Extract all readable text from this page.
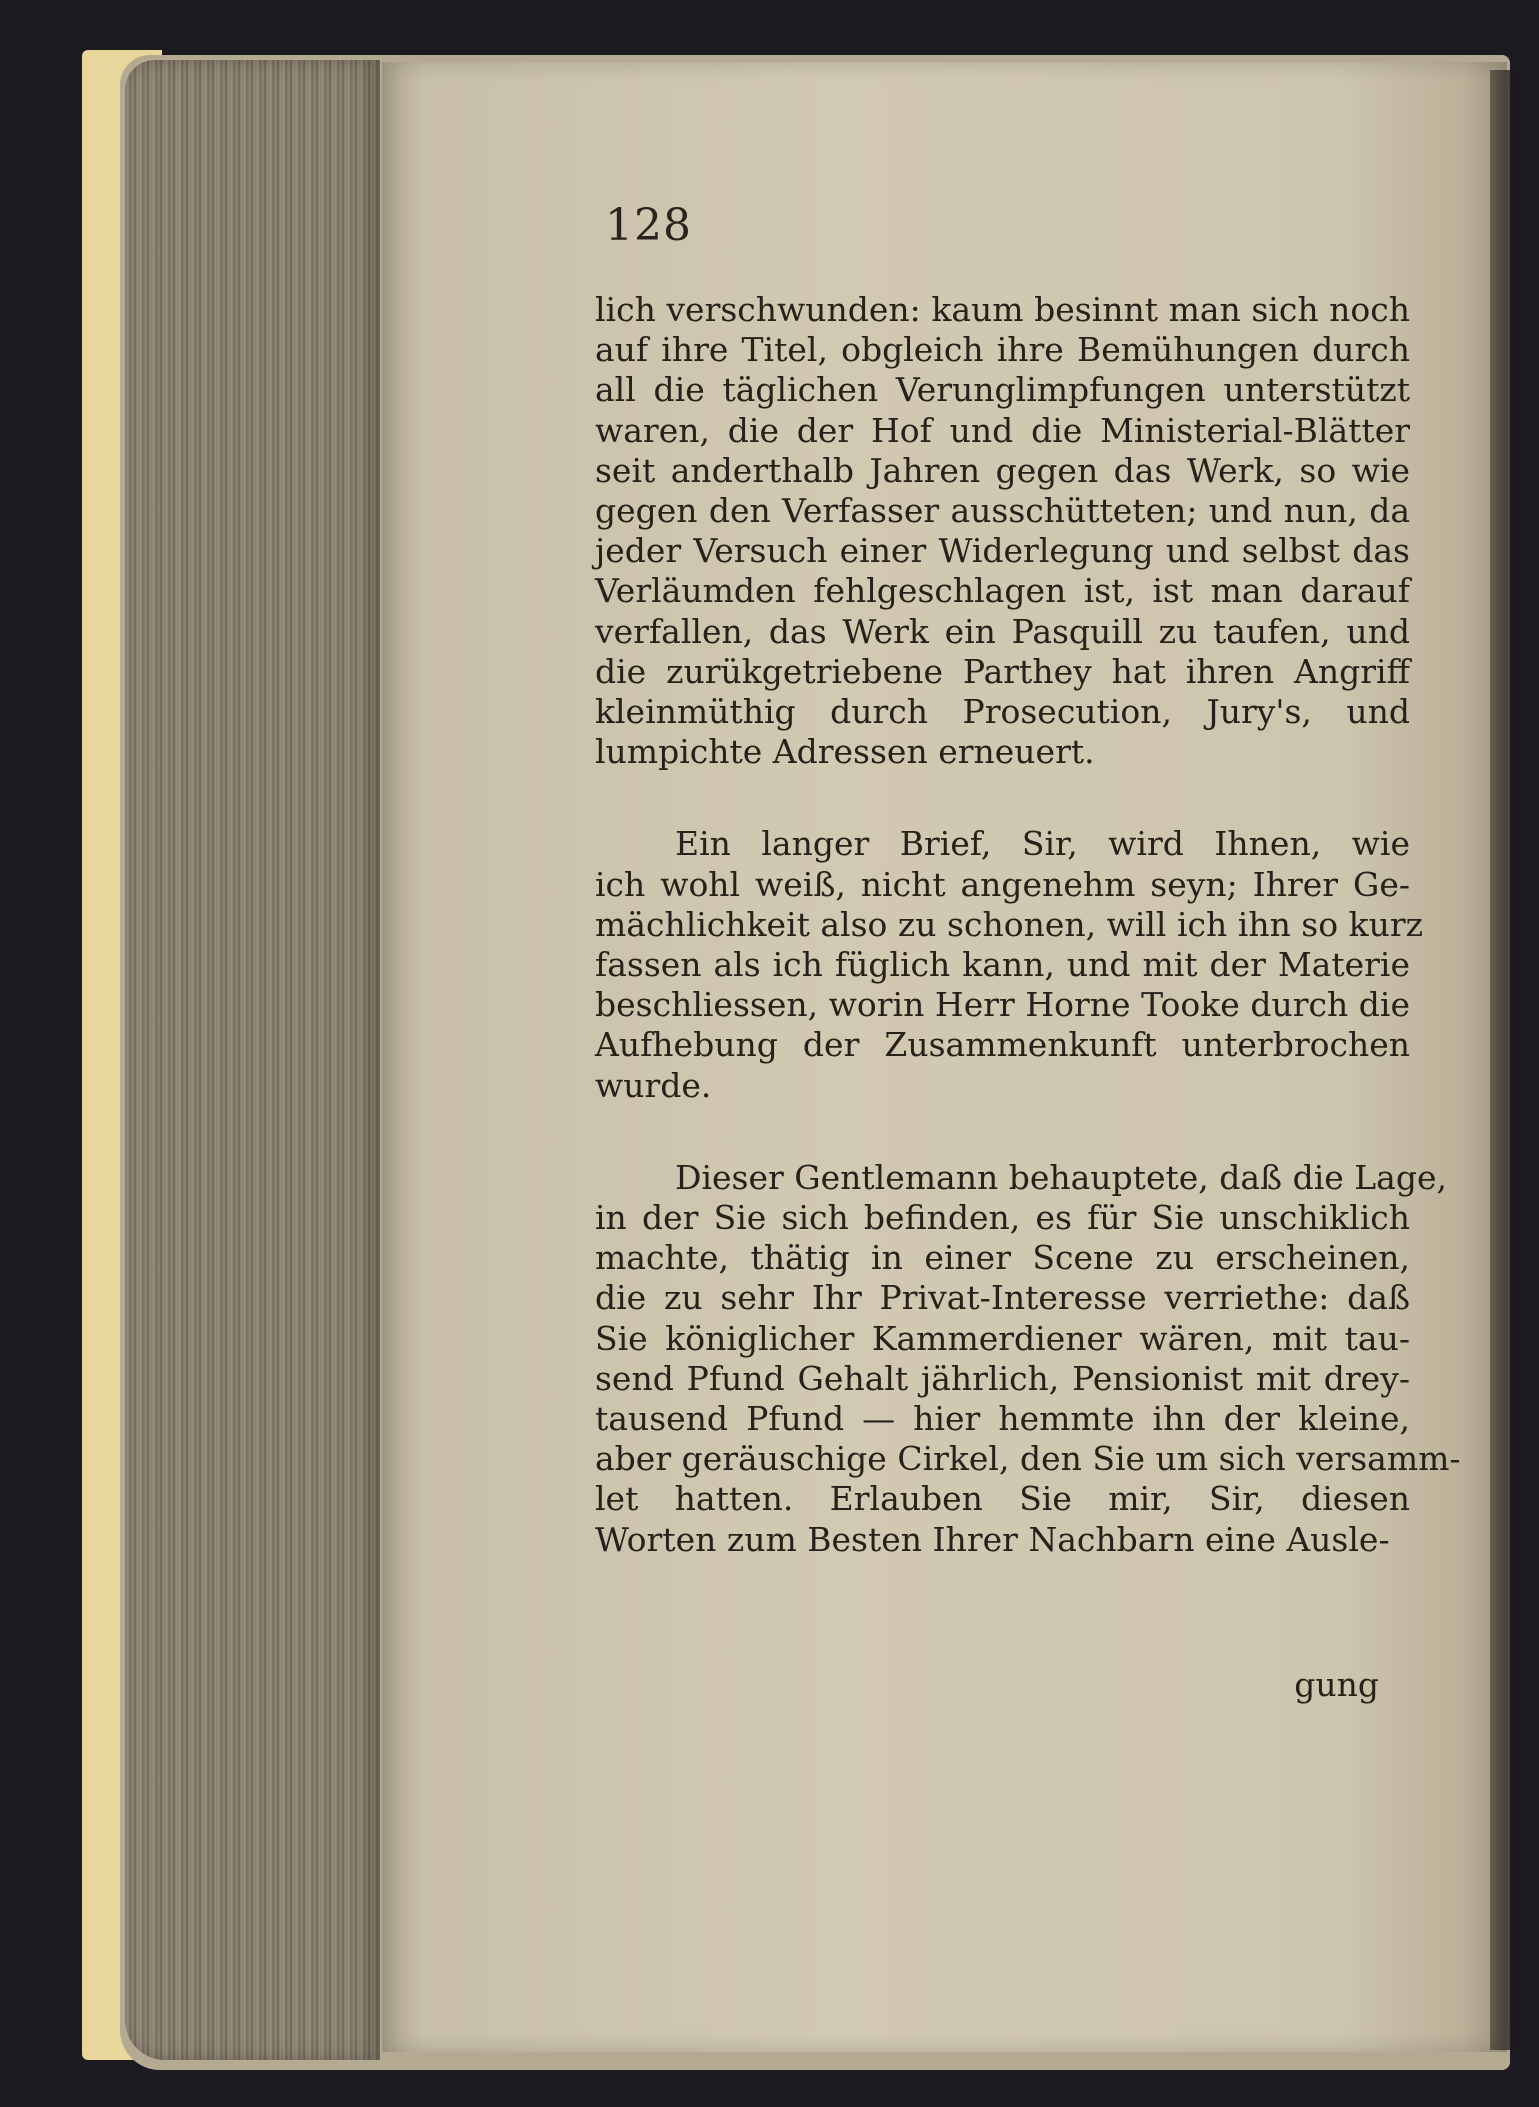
128
lich verschwunden: kaum besinnt man sich noch
auf ihre Titel, obgleich ihre Bemühungen durch
all die täglichen Verunglimpfungen unterstützt
waren, die der Hof und die Ministerial-Blätter
seit anderthalb Jahren gegen das Werk, so wie
gegen den Verfasser ausschütteten; und nun, da
jeder Versuch einer Widerlegung und selbst das
Verläumden fehlgeschlagen ist, ist man darauf
verfallen, das Werk ein Pasquill zu taufen, und
die zurükgetriebene Parthey hat ihren Angriff
kleinmüthig durch Prosecution, Jury's, und
lumpichte Adressen erneuert.
Ein langer Brief, Sir, wird Ihnen, wie
ich wohl weiß, nicht angenehm seyn; Ihrer Ge-
mächlichkeit also zu schonen, will ich ihn so kurz
fassen als ich füglich kann, und mit der Materie
beschliessen, worin Herr Horne Tooke durch die
Aufhebung der Zusammenkunft unterbrochen
wurde.
Dieser Gentlemann behauptete, daß die Lage,
in der Sie sich befinden, es für Sie unschiklich
machte, thätig in einer Scene zu erscheinen,
die zu sehr Ihr Privat-Interesse verriethe: daß
Sie königlicher Kammerdiener wären, mit tau-
send Pfund Gehalt jährlich, Pensionist mit drey-
tausend Pfund — hier hemmte ihn der kleine,
aber geräuschige Cirkel, den Sie um sich versamm-
let hatten. Erlauben Sie mir, Sir, diesen
Worten zum Besten Ihrer Nachbarn eine Ausle-
gung
